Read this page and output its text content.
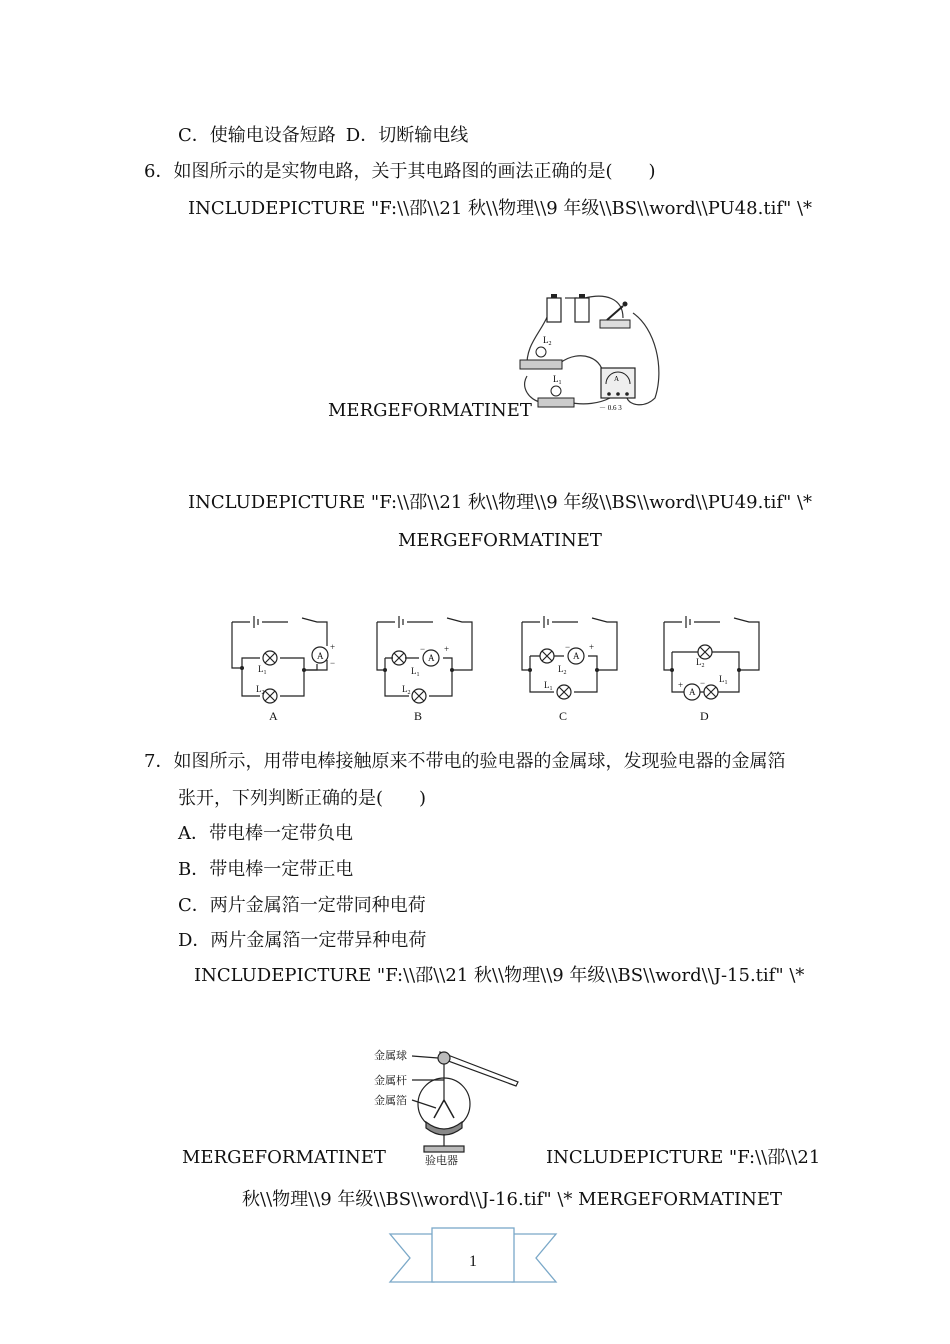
C．使输电设备短路 D．切断输电线
6．如图所示的是实物电路，关于其电路图的画法正确的是(　　)
INCLUDEPICTURE "F:\\邵\\21 秋\\物理\\9 年级\\BS\\word\\PU48.tif" \*
$L_2$
$L_1$	A
－ 0.6 3
MERGEFORMATINET
INCLUDEPICTURE "F:\\邵\\21 秋\\物理\\9 年级\\BS\\word\\PU49.tif" \*
MERGEFORMATINET
A
+
−
$L_1$
$L_2$
A
A
− +
$L_1$
$L_2$
B
A
− +
$L_2$
$L_1$
C
$L_2$
A
+ − $L_1$
D
7．如图所示，用带电棒接触原来不带电的验电器的金属球，发现验电器的金属箔
张开，下列判断正确的是(　　)
A．带电棒一定带负电
B．带电棒一定带正电
C．两片金属箔一定带同种电荷
D．两片金属箔一定带异种电荷
INCLUDEPICTURE "F:\\邵\\21 秋\\物理\\9 年级\\BS\\word\\J-15.tif" \*
金属球
金属杆
金属箔
验电器
MERGEFORMATINET	INCLUDEPICTURE "F:\\邵\\21
秋\\物理\\9 年级\\BS\\word\\J-16.tif" \* MERGEFORMATINET
1
